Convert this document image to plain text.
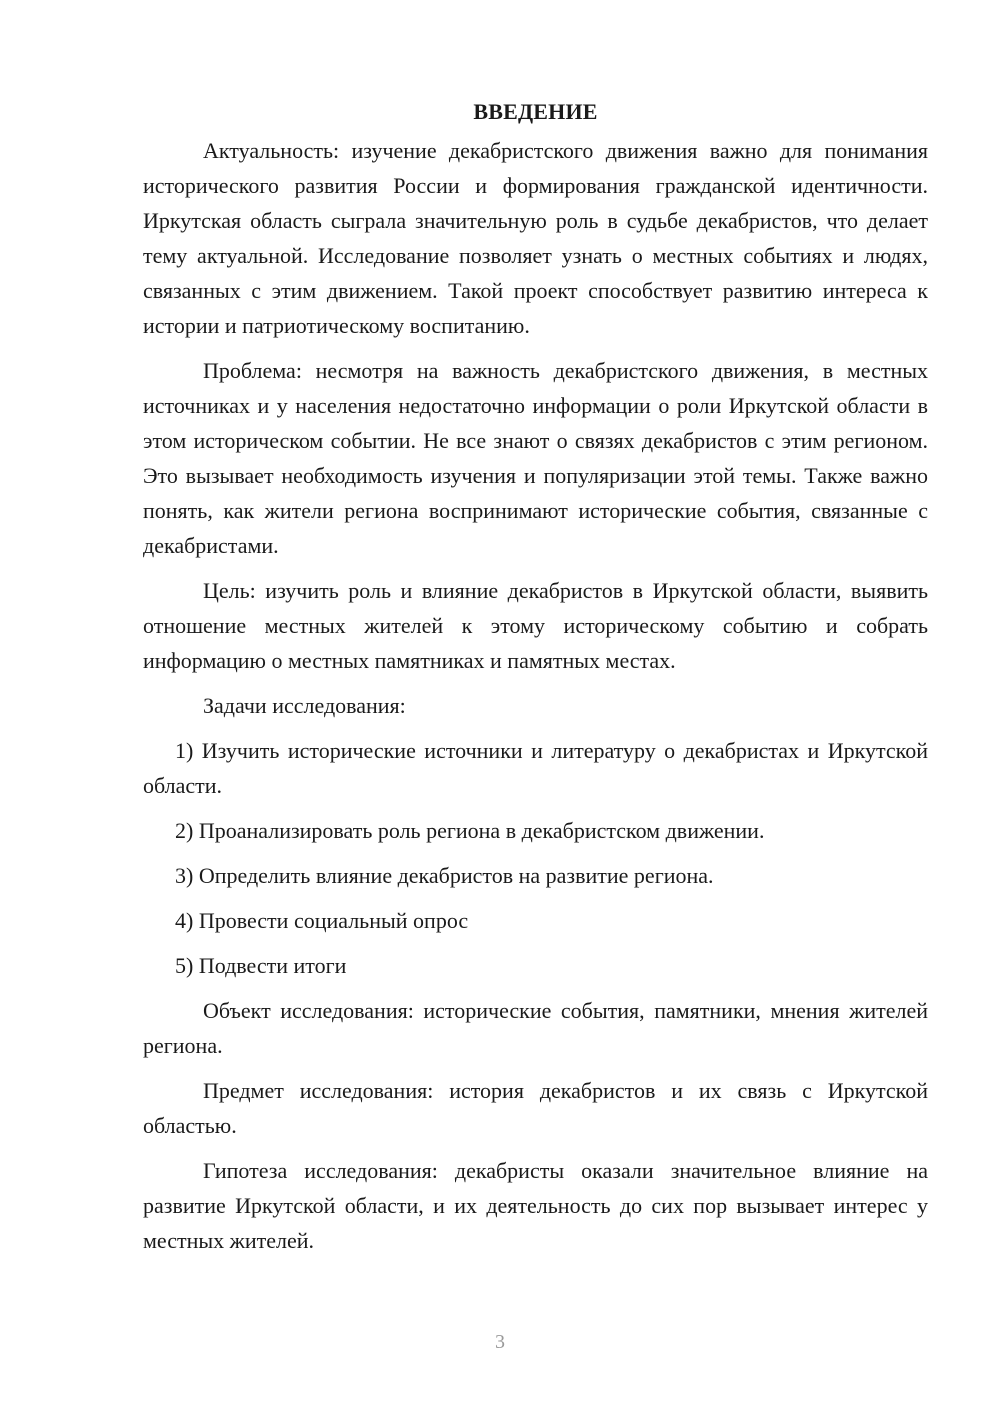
ВВЕДЕНИЕ

Актуальность: изучение декабристского движения важно для понимания исторического развития России и формирования гражданской идентичности. Иркутская область сыграла значительную роль в судьбе декабристов, что делает тему актуальной. Исследование позволяет узнать о местных событиях и людях, связанных с этим движением. Такой проект способствует развитию интереса к истории и патриотическому воспитанию.

Проблема: несмотря на важность декабристского движения, в местных источниках и у населения недостаточно информации о роли Иркутской области в этом историческом событии. Не все знают о связях декабристов с этим регионом. Это вызывает необходимость изучения и популяризации этой темы. Также важно понять, как жители региона воспринимают исторические события, связанные с декабристами.

Цель: изучить роль и влияние декабристов в Иркутской области, выявить отношение местных жителей к этому историческому событию и собрать информацию о местных памятниках и памятных местах.

Задачи исследования:

1) Изучить исторические источники и литературу о декабристах и Иркутской области.

2) Проанализировать роль региона в декабристском движении.

3) Определить влияние декабристов на развитие региона.

4) Провести социальный опрос

5) Подвести итоги

Объект исследования: исторические события, памятники, мнения жителей региона.

Предмет исследования: история декабристов и их связь с Иркутской областью.

Гипотеза исследования: декабристы оказали значительное влияние на развитие Иркутской области, и их деятельность до сих пор вызывает интерес у местных жителей.

3
